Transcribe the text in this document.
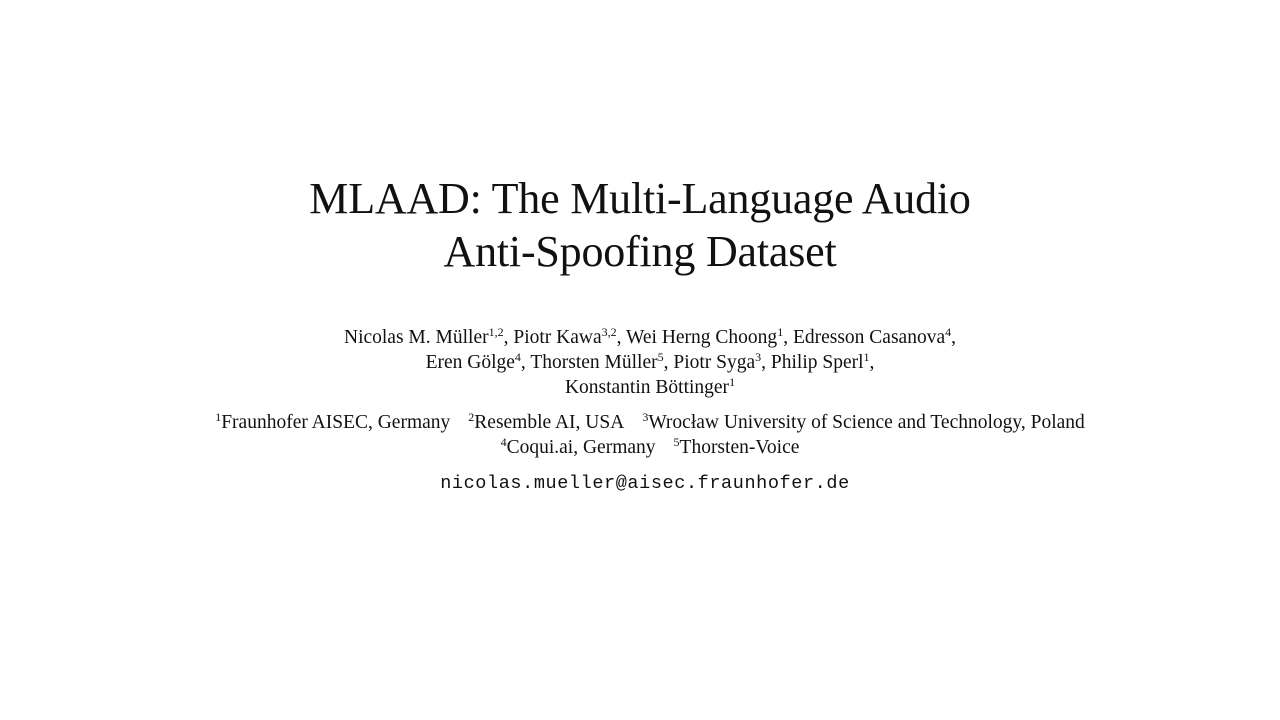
MLAAD: The Multi-Language Audio
Anti-Spoofing Dataset
Nicolas M. Müller$^{1,2}$, Piotr Kawa$^{3,2}$, Wei Herng Choong$^1$, Edresson Casanova$^4$,
Eren Gölge$^4$, Thorsten Müller$^5$, Piotr Syga$^3$, Philip Sperl$^1$,
Konstantin Böttinger$^1$
$^1$Fraunhofer AISEC, Germany $^2$Resemble AI, USA $^3$Wrocław University of Science and Technology, Poland
$^4$Coqui.ai, Germany $^5$Thorsten-Voice
nicolas.mueller@aisec.fraunhofer.de
